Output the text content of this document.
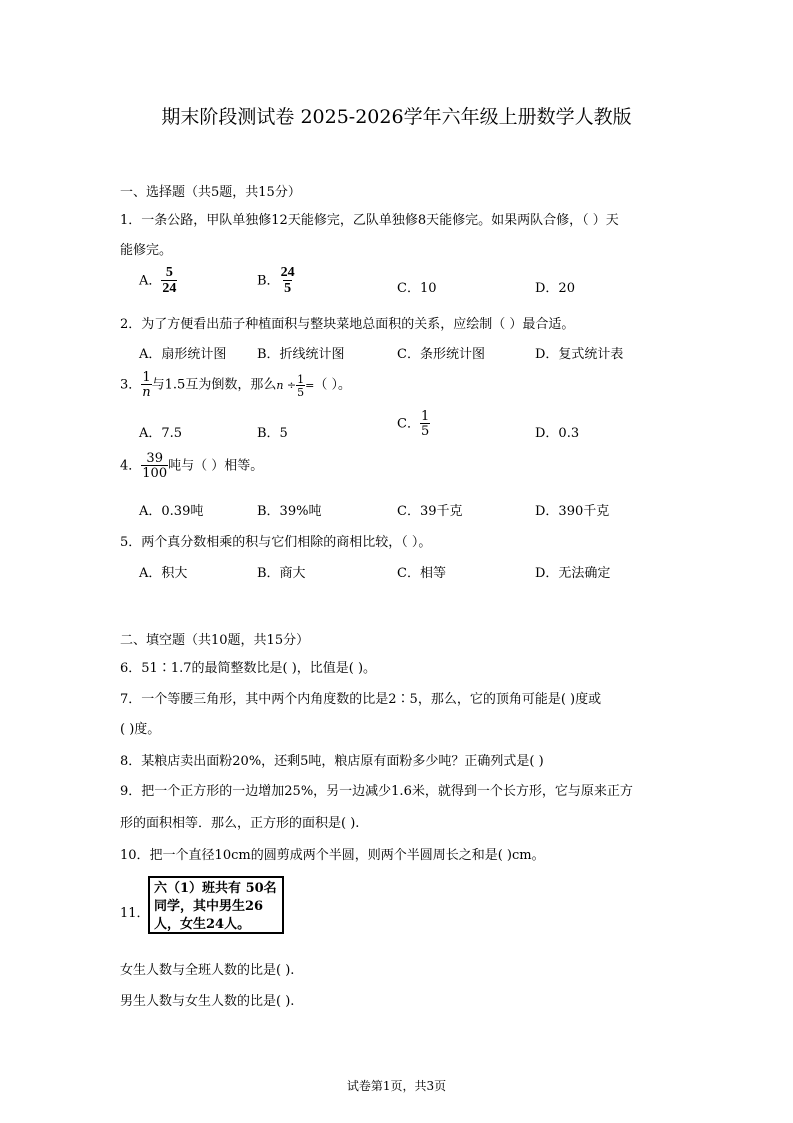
期末阶段测试卷 2025-2026学年六年级上册数学人教版
一、选择题（共5题，共15分）
1．一条公路，甲队单独修12天能修完，乙队单独修8天能修完。如果两队合修，（ ）天
能修完。
A． $\frac{5}{24}$	B． $\frac{24}{5}$	C．10	D．20
2．为了方便看出茄子种植面积与整块菜地总面积的关系，应绘制（ ）最合适。
A．扇形统计图 B．折线统计图	C．条形统计图	D．复式统计表
3． $\frac{1}{n}$ 与1.5互为倒数，那么$n \div \frac{1}{5}$ =（ ）。
A．7.5	B．5
C． $\frac{1}{5}$	D．0.3
4． $\frac{39}{100}$ 吨与（ ）相等。
A．0.39吨	B．39%吨	C．39千克	D．390千克
5．两个真分数相乘的积与它们相除的商相比较，（ ）。
A．积大	B．商大	C．相等	D．无法确定
二、填空题（共10题，共15分）
6．51∶1.7的最简整数比是( )，比值是( )。
7．一个等腰三角形，其中两个内角度数的比是2∶5，那么，它的顶角可能是( )度或
( )度。
8．某粮店卖出面粉20%，还剩5吨，粮店原有面粉多少吨？正确列式是( )
9．把一个正方形的一边增加25%，另一边减少1.6米，就得到一个长方形，它与原来正方
形的面积相等．那么，正方形的面积是( ).
10．把一个直径10cm的圆剪成两个半圆，则两个半圆周长之和是( )cm。
11．
六（1）班共有 50名同学，其中男生26人，女生24人。
女生人数与全班人数的比是( ).
男生人数与女生人数的比是( ).
试卷第1页，共3页
